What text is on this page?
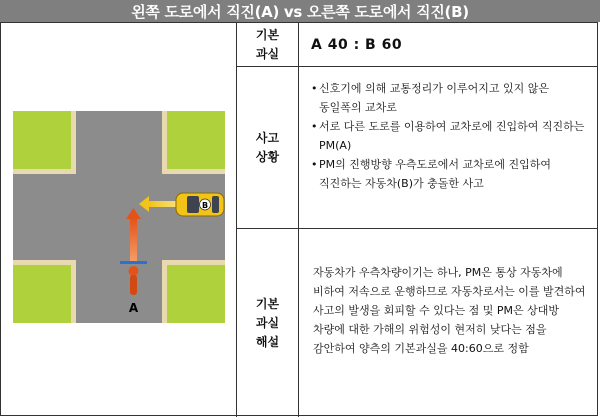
왼쪽 도로에서 직진(A) vs 오른쪽 도로에서 직진(B)
B
A
기본
과실
A 40 : B 60
사고
상황
• 신호기에 의해 교통정리가 이루어지고 있지 않은 동일폭의 교차로
• 서로 다른 도로를 이용하여 교차로에 진입하여 직진하는 PM(A)
• PM의 진행방향 우측도로에서 교차로에 진입하여 직진하는 자동차(B)가 충돌한 사고
기본
과실
해설
자동차가 우측차량이기는 하나, PM은 통상 자동차에 비하여 저속으로 운행하므로 자동차로서는 이를 발견하여 사고의 발생을 회피할 수 있다는 점 및 PM은 상대방 차량에 대한 가해의 위험성이 현저히 낮다는 점을 감안하여 양측의 기본과실을 40:60으로 정함
